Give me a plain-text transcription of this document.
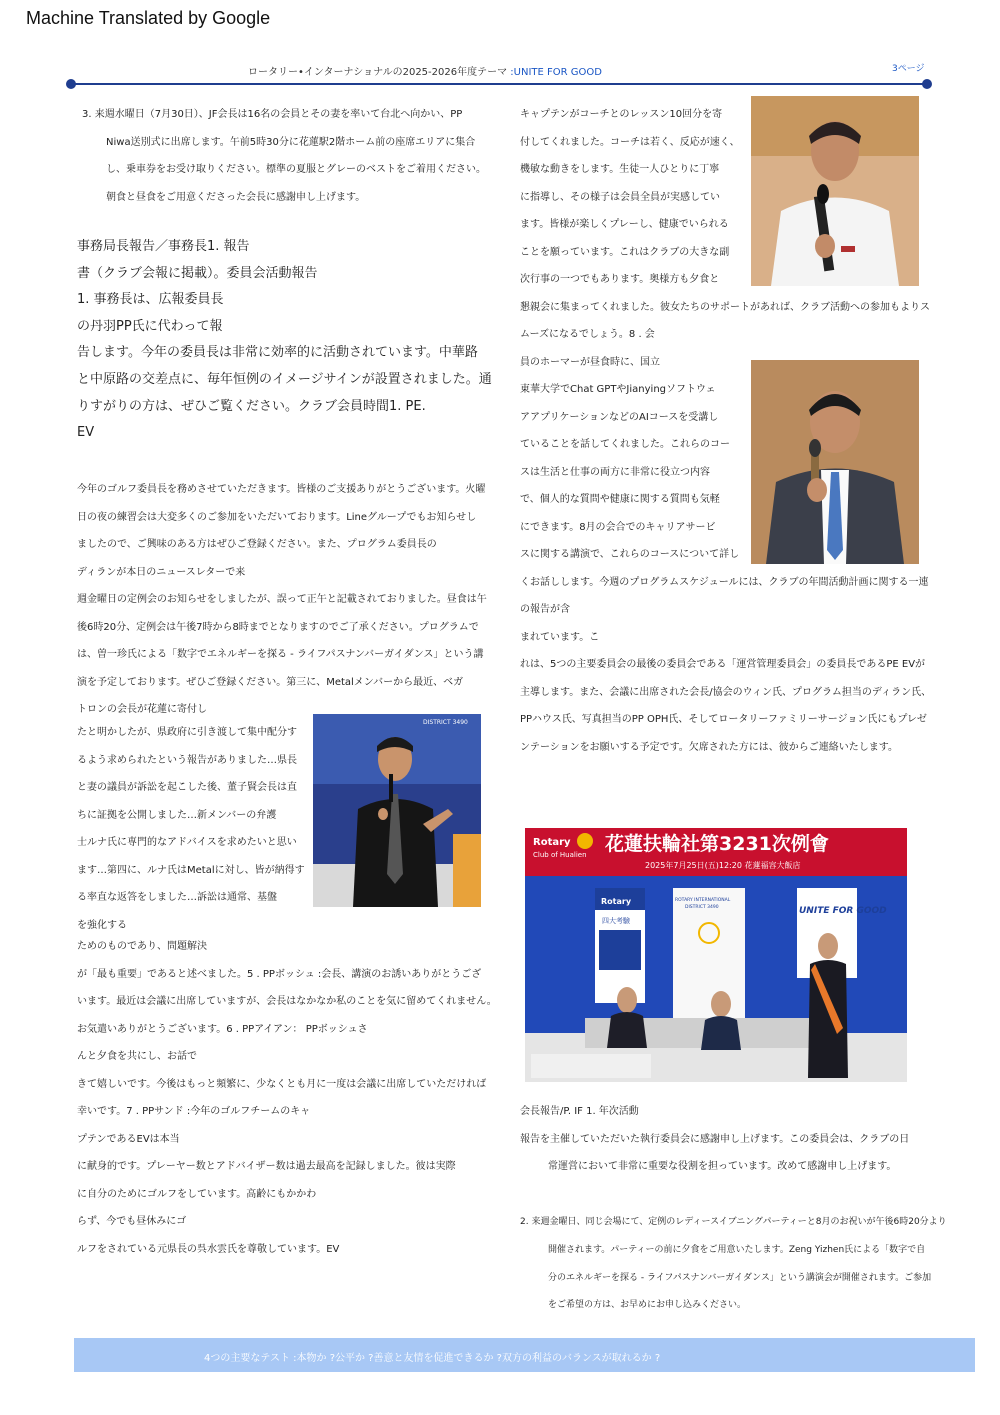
Machine Translated by Google
ロータリー•インターナショナルの2025-2026年度テーマ :UNITE FOR GOOD	3ページ

3. 来週水曜日（7月30日）、JF会長は16名の会員とその妻を率いて台北へ向かい、PP

Niwa送別式に出席します。午前5時30分に花蓮駅2階ホーム前の座席エリアに集合

し、乗車券をお受け取りください。標準の夏服とグレーのベストをご着用ください。

朝食と昼食をご用意くださった会長に感謝申し上げます。

事務局長報告／事務長1. 報告

書（クラブ会報に掲載）。委員会活動報告

1. 事務長は、広報委員長

の丹羽PP氏に代わって報

告します。今年の委員長は非常に効率的に活動されています。中華路

と中原路の交差点に、毎年恒例のイメージサインが設置されました。通

りすがりの方は、ぜひご覧ください。クラブ会員時間1. PE.

EV

今年のゴルフ委員長を務めさせていただきます。皆様のご支援ありがとうございます。火曜

日の夜の練習会は大変多くのご参加をいただいております。Lineグループでもお知らせし

ましたので、ご興味のある方はぜひご登録ください。また、プログラム委員長の

ディランが本日のニュースレターで来

週金曜日の定例会のお知らせをしましたが、誤って正午と記載されておりました。昼食は午

後6時20分、定例会は午後7時から8時までとなりますのでご了承ください。プログラムで

は、曽一珍氏による「数字でエネルギーを探る - ライフパスナンバーガイダンス」という講

演を予定しております。ぜひご登録ください。第三に、Metalメンバーから最近、ベガ

トロンの会長が花蓮に寄付し

たと明かしたが、県政府に引き渡して集中配分す

るよう求められたという報告がありました…県長

と妻の議員が訴訟を起こした後、董子賢会長は直

ちに証拠を公開しました…新メンバーの弁護

士ルナ氏に専門的なアドバイスを求めたいと思い

ます…第四に、ルナ氏はMetalに対し、皆が納得す

る率直な返答をしました…訴訟は通常、基盤

を強化する

ためのものであり、問題解決

が「最も重要」であると述べました。5 . PPボッシュ :会長、講演のお誘いありがとうござ

います。最近は会議に出席していますが、会長はなかなか私のことを気に留めてくれません。

お気遣いありがとうございます。6 . PPアイアン： PPボッシュさ

んと夕食を共にし、お話で

きて嬉しいです。今後はもっと頻繁に、少なくとも月に一度は会議に出席していただければ

幸いです。7 . PPサンド :今年のゴルフチームのキャ

プテンであるEVは本当

に献身的です。プレーヤー数とアドバイザー数は過去最高を記録しました。彼は実際

に自分のためにゴルフをしています。高齢にもかかわ

らず、今でも昼休みにゴ

ルフをされている元県長の呉水雲氏を尊敬しています。EV

DISTRICT 3490

キャプテンがコーチとのレッスン10回分を寄

付してくれました。コーチは若く、反応が速く、

機敏な動きをします。生徒一人ひとりに丁寧

に指導し、その様子は会員全員が実感してい

ます。皆様が楽しくプレーし、健康でいられる

ことを願っています。これはクラブの大きな副

次行事の一つでもあります。奥様方も夕食と

懇親会に集まってくれました。彼女たちのサポートがあれば、クラブ活動への参加もよりス

ムーズになるでしょう。8 . 会

員のホーマーが昼食時に、国立

東華大学でChat GPTやJianyingソフトウェ

アアプリケーションなどのAIコースを受講し

ていることを話してくれました。これらのコー

スは生活と仕事の両方に非常に役立つ内容

で、個人的な質問や健康に関する質問も気軽

にできます。8月の会合でのキャリアサービ

スに関する講演で、これらのコースについて詳し

くお話しします。今週のプログラムスケジュールには、クラブの年間活動計画に関する一連

の報告が含

まれています。こ

れは、5つの主要委員会の最後の委員会である「運営管理委員会」の委員長であるPE EVが

主導します。また、会議に出席された会長/協会のウィン氏、プログラム担当のディラン氏、

PPハウス氏、写真担当のPP OPH氏、そしてロータリーファミリーサージョン氏にもプレゼ

ンテーションをお願いする予定です。欠席された方には、彼からご連絡いたします。

Rotary
Club of Hualien 花蓮扶輪社第3231次例會
2025年7月25日(五)12:20 花蓮福容大飯店
Rotary
四大考驗
ROTARY INTERNATIONAL
DISTRICT 3490	UNITE FOR GOOD

会長報告/P. IF 1. 年次活動

報告を主催していただいた執行委員会に感謝申し上げます。この委員会は、クラブの日

常運営において非常に重要な役割を担っています。改めて感謝申し上げます。

2. 来週金曜日、同じ会場にて、定例のレディースイブニングパーティーと8月のお祝いが午後6時20分より

開催されます。パーティーの前に夕食をご用意いたします。Zeng Yizhen氏による「数字で自

分のエネルギーを探る - ライフパスナンバーガイダンス」という講演会が開催されます。ご参加

をご希望の方は、お早めにお申し込みください。

4つの主要なテスト :本物か ?公平か ?善意と友情を促進できるか ?双方の利益のバランスが取れるか ?
